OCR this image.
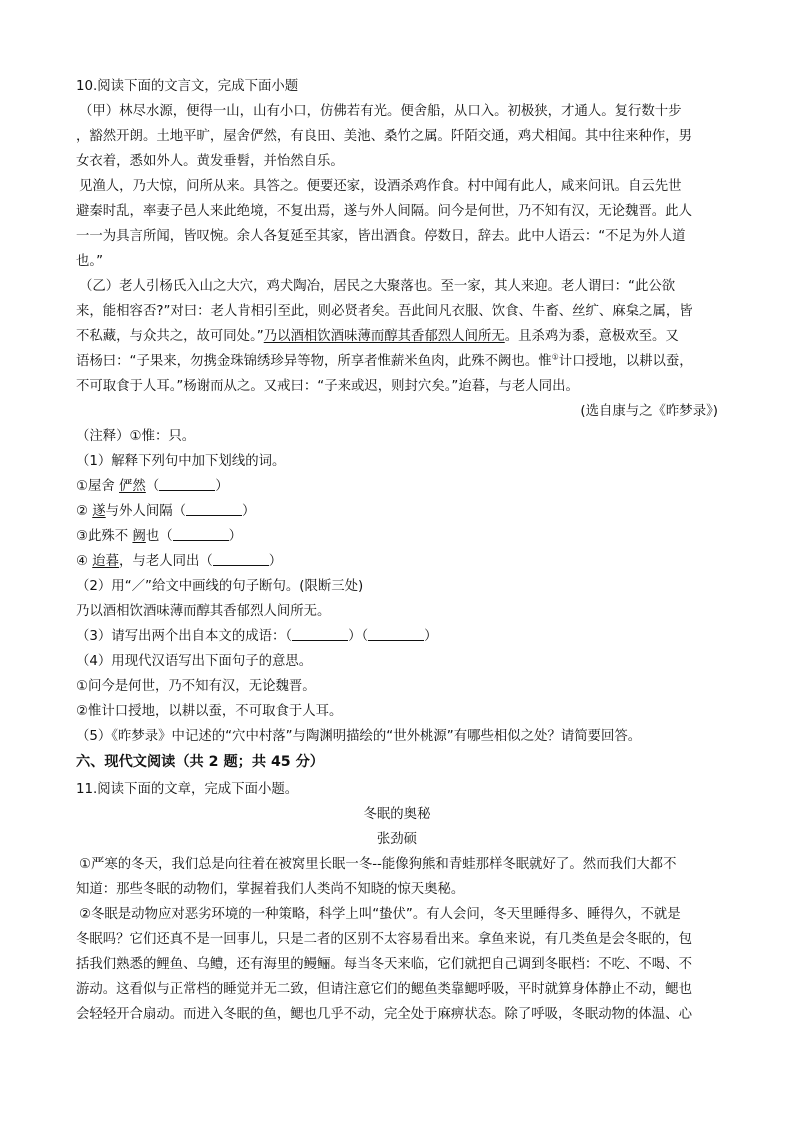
10.阅读下面的文言文，完成下面小题
（甲）林尽水源，便得一山，山有小口，仿佛若有光。便舍船，从口入。初极狭，才通人。复行数十步
，豁然开朗。土地平旷，屋舍俨然，有良田、美池、桑竹之属。阡陌交通，鸡犬相闻。其中往来种作，男
女衣着，悉如外人。黄发垂髫，并怡然自乐。
见渔人，乃大惊，问所从来。具答之。便要还家，设酒杀鸡作食。村中闻有此人，咸来问讯。自云先世
避秦时乱，率妻子邑人来此绝境，不复出焉，遂与外人间隔。问今是何世，乃不知有汉，无论魏晋。此人
一一为具言所闻，皆叹惋。余人各复延至其家，皆出酒食。停数日，辞去。此中人语云：“不足为外人道
也。”
（乙）老人引杨氏入山之大穴，鸡犬陶冶，居民之大聚落也。至一家，其人来迎。老人谓曰：“此公欲
来，能相容否?”对曰：老人肯相引至此，则必贤者矣。吾此间凡衣服、饮食、牛畜、丝纩、麻枲之属，皆
不私藏，与众共之，故可同处。”乃以酒相饮酒味薄而醇其香郁烈人间所无。且杀鸡为黍，意极欢至。又
语杨曰：“子果来，勿携金珠锦绣珍异等物，所享者惟薪米鱼肉，此殊不阙也。惟①计口授地，以耕以蚕，
不可取食于人耳。”杨谢而从之。又戒曰：“子来或迟，则封穴矣。”迨暮，与老人同出。
(选自康与之《昨梦录》)
（注释）①惟：只。
（1）解释下列句中加下划线的词。
①屋舍 俨然（	）
② 遂与外人间隔（	）
③此殊不 阙也（	）
④ 迨暮，与老人同出（	）
（2）用“／”给文中画线的句子断句。(限断三处)
乃以酒相饮酒味薄而醇其香郁烈人间所无。
（3）请写出两个出自本文的成语：（	）（	）
（4）用现代汉语写出下面句子的意思。
①问今是何世，乃不知有汉，无论魏晋。
②惟计口授地，以耕以蚕，不可取食于人耳。
（5）《昨梦录》中记述的“穴中村落”与陶渊明描绘的“世外桃源”有哪些相似之处？请简要回答。
六、现代文阅读（共 2 题；共 45 分）
11.阅读下面的文章，完成下面小题。
冬眠的奥秘
张劲硕
①严寒的冬天，我们总是向往着在被窝里长眠一冬--能像狗熊和青蛙那样冬眠就好了。然而我们大都不
知道：那些冬眠的动物们，掌握着我们人类尚不知晓的惊天奥秘。
②冬眠是动物应对恶劣环境的一种策略，科学上叫“蛰伏”。有人会问，冬天里睡得多、睡得久，不就是
冬眠吗？它们还真不是一回事儿，只是二者的区别不太容易看出来。拿鱼来说，有几类鱼是会冬眠的，包
括我们熟悉的鲤鱼、乌鳢，还有海里的鳗鲡。每当冬天来临，它们就把自己调到冬眠档：不吃、不喝、不
游动。这看似与正常档的睡觉并无二致，但请注意它们的鳃鱼类靠鳃呼吸，平时就算身体静止不动，鳃也
会轻轻开合扇动。而进入冬眠的鱼，鳃也几乎不动，完全处于麻痹状态。除了呼吸，冬眠动物的体温、心
